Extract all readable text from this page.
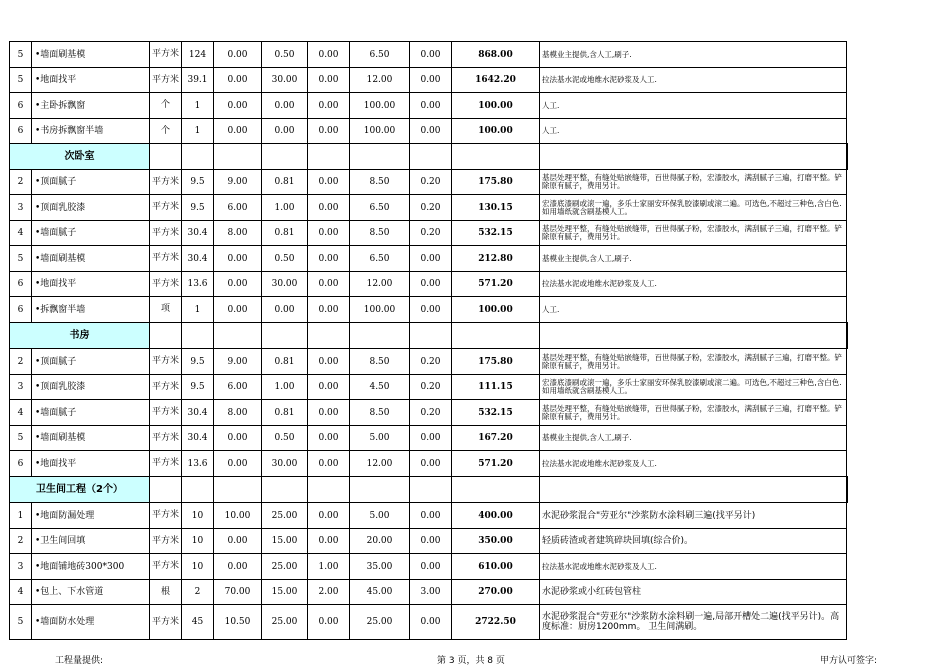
5	•墙面刷基模	平方米	124	0.00	0.50	0.00	6.50	0.00	868.00	基模业主提供,含人工,刷子.
5	•地面找平	平方米	39.1	0.00	30.00	0.00	12.00	0.00	1642.20	拉法基水泥或地维水泥砂浆及人工.
6	•主卧拆飘窗	个	1	0.00	0.00	0.00	100.00	0.00	100.00	人工.
6	•书房拆飘窗半墙	个	1	0.00	0.00	0.00	100.00	0.00	100.00	人工.
次卧室										
2	•顶面腻子	平方米	9.5	9.00	0.81	0.00	8.50	0.20	175.80	基层处理平整，有缝处贴嵌缝带，百世得腻子粉，宏漆胶水，满刮腻子三遍，打磨平整。铲除原有腻子，费用另计。
3	•顶面乳胶漆	平方米	9.5	6.00	1.00	0.00	6.50	0.20	130.15	宏漆底漆刷或滚一遍，多乐士家丽安环保乳胶漆刷或滚二遍。可选色,不超过三种色,含白色.如用墙纸就含刷基模人工。
4	•墙面腻子	平方米	30.4	8.00	0.81	0.00	8.50	0.20	532.15	基层处理平整，有缝处贴嵌缝带，百世得腻子粉，宏漆胶水，满刮腻子三遍，打磨平整。铲除原有腻子，费用另计。
5	•墙面刷基模	平方米	30.4	0.00	0.50	0.00	6.50	0.00	212.80	基模业主提供,含人工,刷子.
6	•地面找平	平方米	13.6	0.00	30.00	0.00	12.00	0.00	571.20	拉法基水泥或地维水泥砂浆及人工.
6	•拆飘窗半墙	项	1	0.00	0.00	0.00	100.00	0.00	100.00	人工.
书房										
2	•顶面腻子	平方米	9.5	9.00	0.81	0.00	8.50	0.20	175.80	基层处理平整，有缝处贴嵌缝带，百世得腻子粉，宏漆胶水，满刮腻子三遍，打磨平整。铲除原有腻子，费用另计。
3	•顶面乳胶漆	平方米	9.5	6.00	1.00	0.00	4.50	0.20	111.15	宏漆底漆刷或滚一遍，多乐士家丽安环保乳胶漆刷或滚二遍。可选色,不超过三种色,含白色.如用墙纸就含刷基模人工。
4	•墙面腻子	平方米	30.4	8.00	0.81	0.00	8.50	0.20	532.15	基层处理平整，有缝处贴嵌缝带，百世得腻子粉，宏漆胶水，满刮腻子三遍，打磨平整。铲除原有腻子，费用另计。
5	•墙面刷基模	平方米	30.4	0.00	0.50	0.00	5.00	0.00	167.20	基模业主提供,含人工,刷子.
6	•地面找平	平方米	13.6	0.00	30.00	0.00	12.00	0.00	571.20	拉法基水泥或地维水泥砂浆及人工.
卫生间工程（2个）										
1	•地面防漏处理	平方米	10	10.00	25.00	0.00	5.00	0.00	400.00	水泥砂浆混合"劳亚尔"沙浆防水涂料刷三遍(找平另计)
2	•卫生间回填	平方米	10	0.00	15.00	0.00	20.00	0.00	350.00	轻质砖渣或者建筑碎块回填(综合价)。
3	•地面铺地砖300*300	平方米	10	0.00	25.00	1.00	35.00	0.00	610.00	拉法基水泥或地维水泥砂浆及人工.
4	•包上、下水管道	根	2	70.00	15.00	2.00	45.00	3.00	270.00	水泥砂浆或小红砖包管柱
5	•墙面防水处理	平方米	45	10.50	25.00	0.00	25.00	0.00	2722.50	水泥砂浆混合"劳亚尔"沙浆防水涂料刷一遍,局部开槽处二遍(找平另计)。高度标准：厨房1200mm。 卫生间满刷。
工程量提供:	第 3 页，共 8 页	甲方认可签字:
